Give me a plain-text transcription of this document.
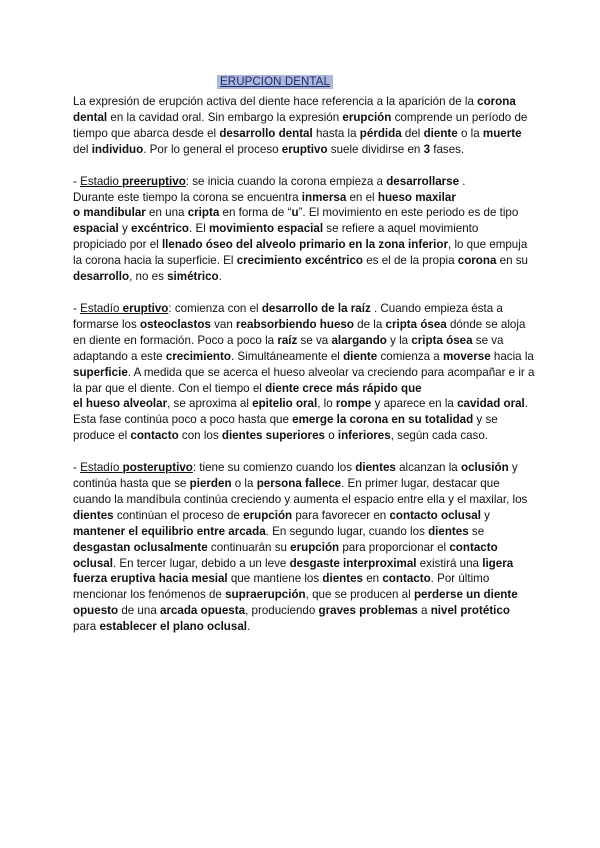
ERUPCION DENTAL

La expresión de erupción activa del diente hace referencia a la aparición de la corona dental en la cavidad oral. Sin embargo la expresión erupción comprende un período de tiempo que abarca desde el desarrollo dental hasta la pérdida del diente o la muerte del individuo. Por lo general el proceso eruptivo suele dividirse en 3 fases.

- Estadio preeruptivo: se inicia cuando la corona empieza a desarrollarse .
Durante este tiempo la corona se encuentra inmersa en el hueso maxilar
o mandibular en una cripta en forma de “u”. El movimiento en este periodo es de tipo espacial y excéntrico. El movimiento espacial se refiere a aquel movimiento propiciado por el llenado óseo del alveolo primario en la zona inferior, lo que empuja la corona hacia la superficie. El crecimiento excéntrico es el de la propia corona en su desarrollo, no es simétrico.

- Estadío eruptivo: comienza con el desarrollo de la raíz . Cuando empieza ésta a formarse los osteoclastos van reabsorbiendo hueso de la cripta ósea dónde se aloja en diente en formación. Poco a poco la raíz se va alargando y la cripta ósea se va adaptando a este crecimiento. Simultáneamente el diente comienza a moverse hacia la superficie. A medida que se acerca el hueso alveolar va creciendo para acompañar e ir a la par que el diente. Con el tiempo el diente crece más rápido que
el hueso alveolar, se aproxima al epitelio oral, lo rompe y aparece en la cavidad oral. Esta fase continúa poco a poco hasta que emerge la corona en su totalidad y se produce el contacto con los dientes superiores o inferiores, según cada caso.

- Estadío posteruptivo: tiene su comienzo cuando los dientes alcanzan la oclusión y continúa hasta que se pierden o la persona fallece. En primer lugar, destacar que cuando la mandíbula continúa creciendo y aumenta el espacio entre ella y el maxilar, los dientes continúan el proceso de erupción para favorecer en contacto oclusal y mantener el equilibrio entre arcada. En segundo lugar, cuando los dientes se desgastan oclusalmente continuarán su erupción para proporcionar el contacto oclusal. En tercer lugar, debido a un leve desgaste interproximal existirá una ligera fuerza eruptiva hacia mesial que mantiene los dientes en contacto. Por último mencionar los fenómenos de supraerupción, que se producen al perderse un diente opuesto de una arcada opuesta, produciendo graves problemas a nivel protético para establecer el plano oclusal.
